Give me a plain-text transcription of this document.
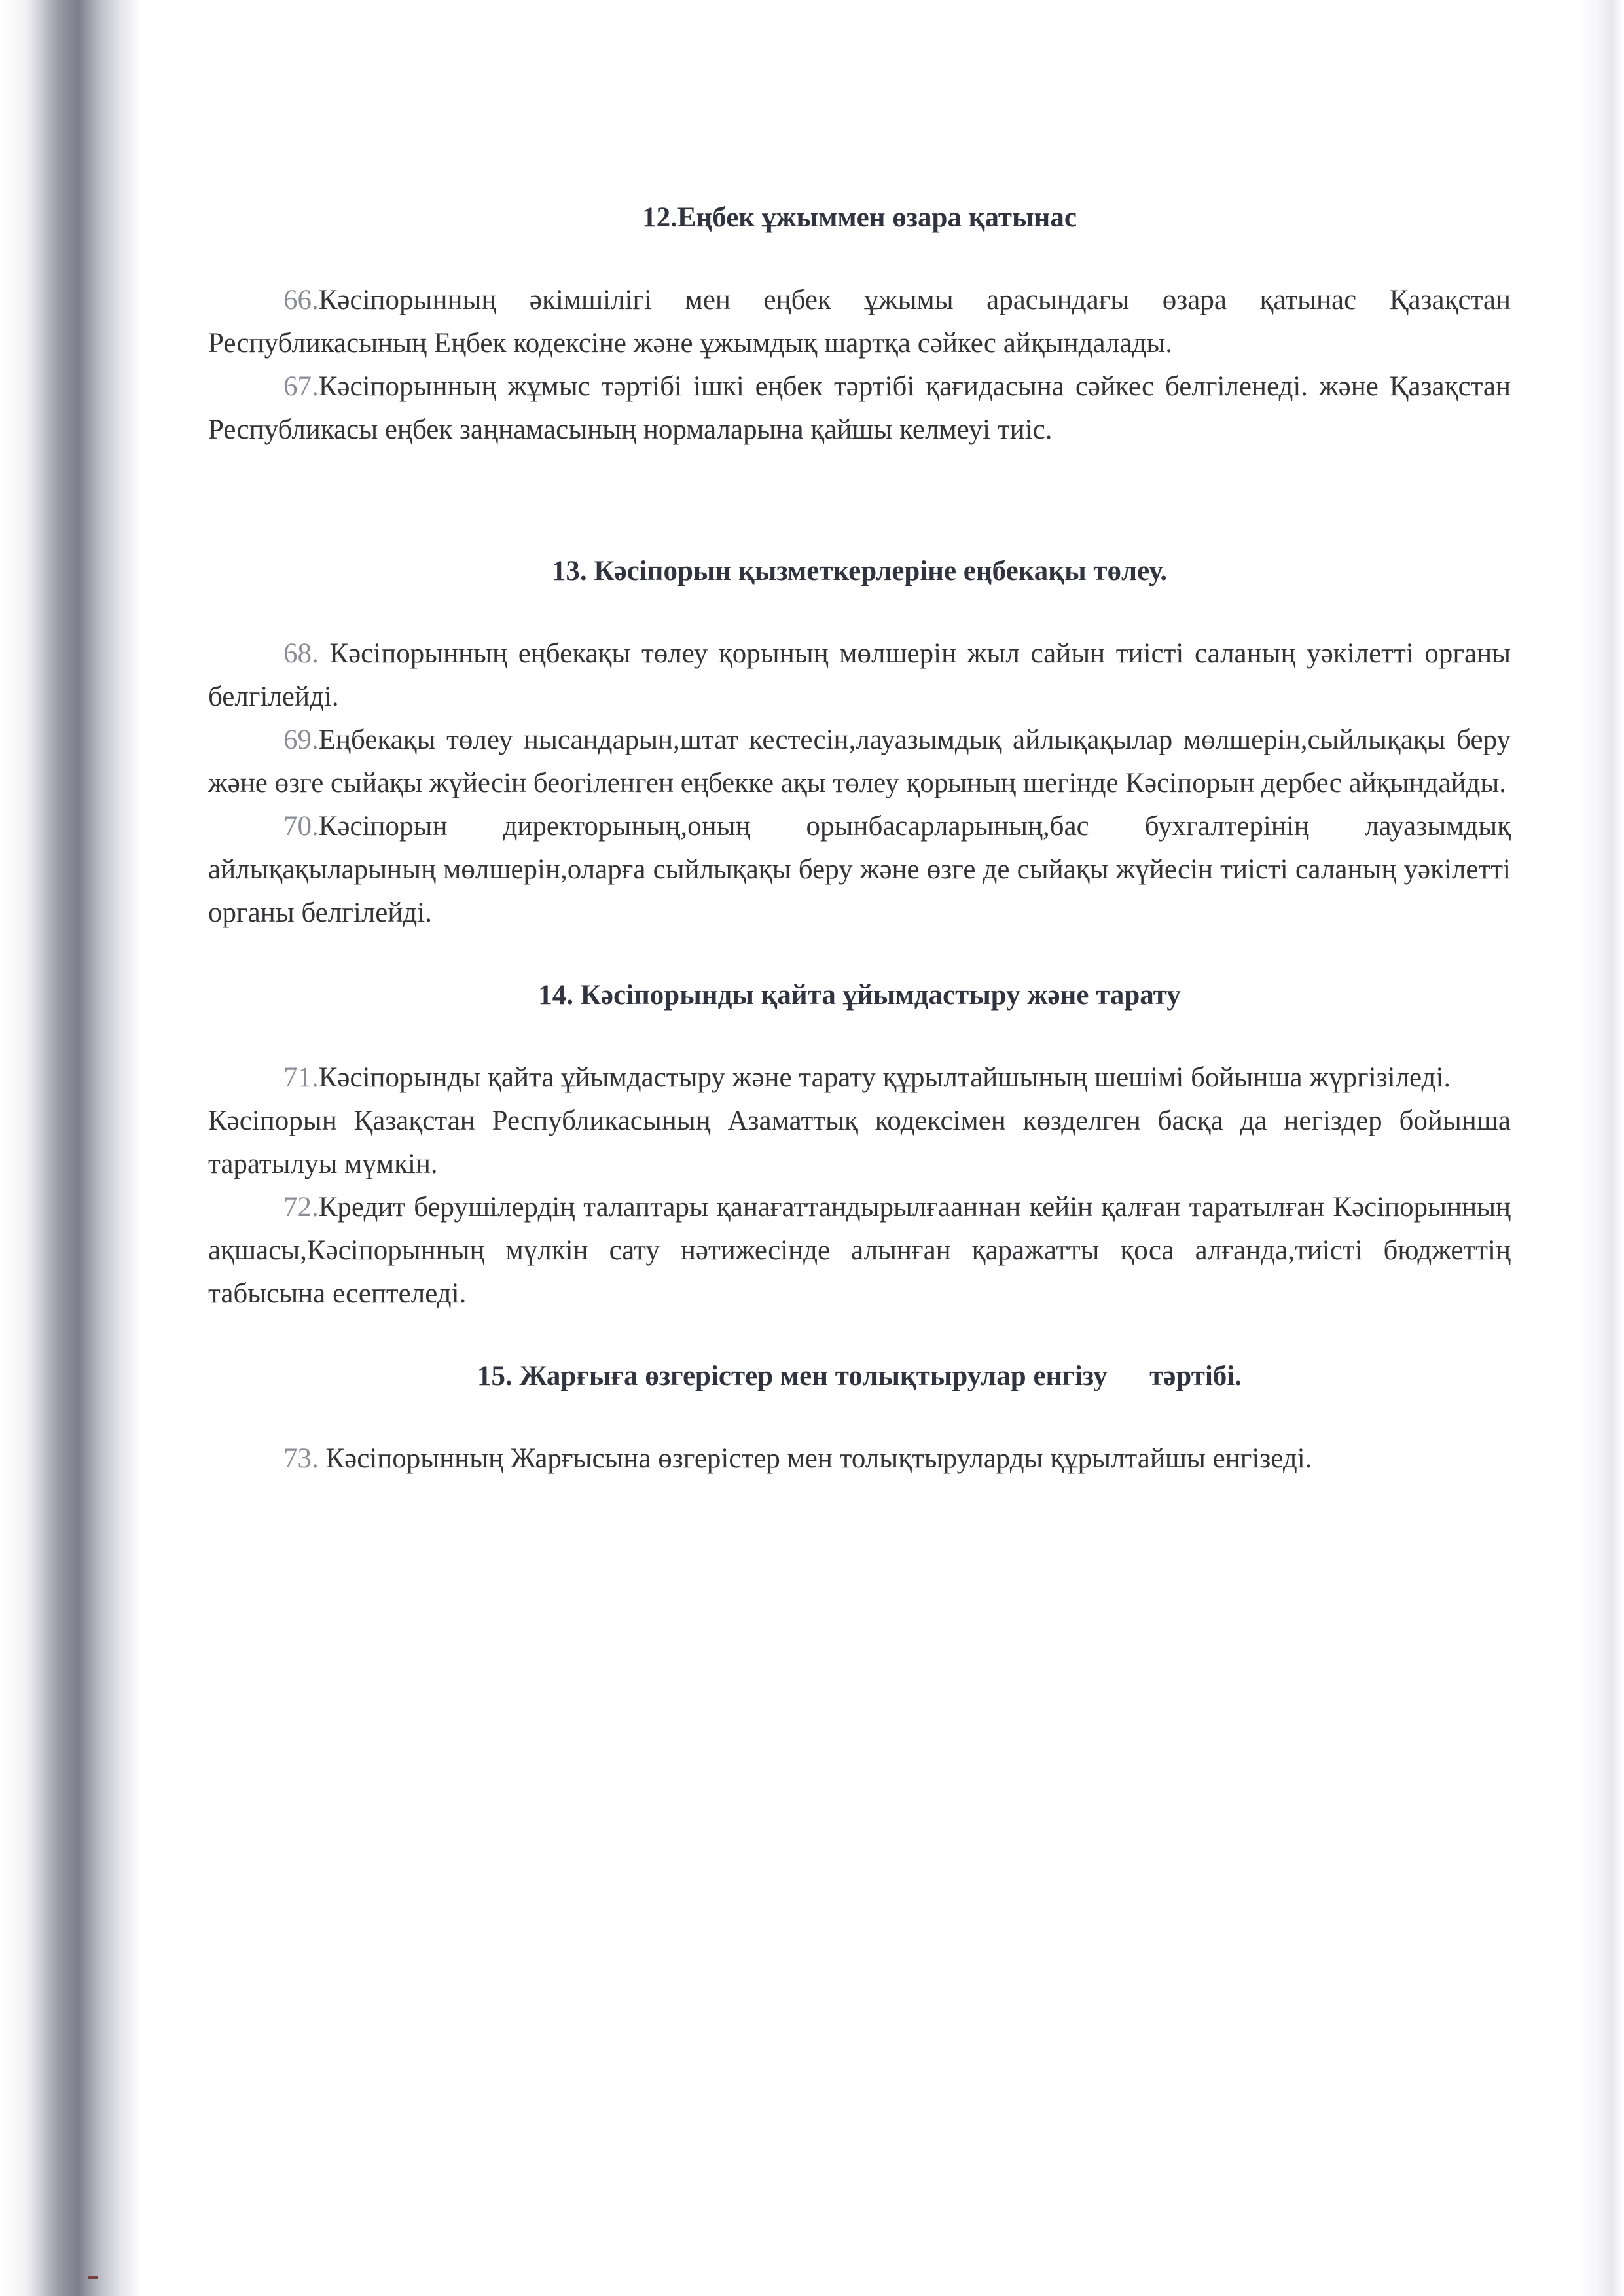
12.Еңбек ұжыммен өзара қатынас

66.Кәсіпорынның әкімшілігі мен еңбек ұжымы арасындағы өзара қатынас Қазақстан Республикасының Еңбек кодексіне және ұжымдық шартқа сәйкес айқындалады.

67.Кәсіпорынның жұмыс тәртібі ішкі еңбек тәртібі қағидасына сәйкес белгіленеді. және Қазақстан Республикасы еңбек заңнамасының нормаларына қайшы келмеуі тиіс.

13. Кәсіпорын қызметкерлеріне еңбекақы төлеу.

68. Кәсіпорынның еңбекақы төлеу қорының мөлшерін жыл сайын тиісті саланың уәкілетті органы белгілейді.

69.Еңбекақы төлеу нысандарын,штат кестесін,лауазымдық айлықақылар мөлшерін,сыйлықақы беру және өзге сыйақы жүйесін беогіленген еңбекке ақы төлеу қорының шегінде Кәсіпорын дербес айқындайды.

70.Кәсіпорын директорының,оның орынбасарларының,бас бухгалтерінің лауазымдық айлықақыларының мөлшерін,оларға сыйлықақы беру және өзге де сыйақы жүйесін тиісті саланың уәкілетті органы белгілейді.

14. Кәсіпорынды қайта ұйымдастыру және тарату

71.Кәсіпорынды қайта ұйымдастыру және тарату құрылтайшының шешімі бойынша жүргізіледі.

Кәсіпорын Қазақстан Республикасының Азаматтық кодексімен көзделген басқа да негіздер бойынша таратылуы мүмкін.

72.Кредит берушілердің талаптары қанағаттандырылғааннан кейін қалған таратылған Кәсіпорынның ақшасы,Кәсіпорынның мүлкін сату нәтижесінде алынған қаражатты қоса алғанда,тиісті бюджеттің табысына есептеледі.

15. Жарғыға өзгерістер мен толықтырулар енгізу      тәртібі.

73. Кәсіпорынның Жарғысына өзгерістер мен толықтыруларды құрылтайшы енгізеді.
